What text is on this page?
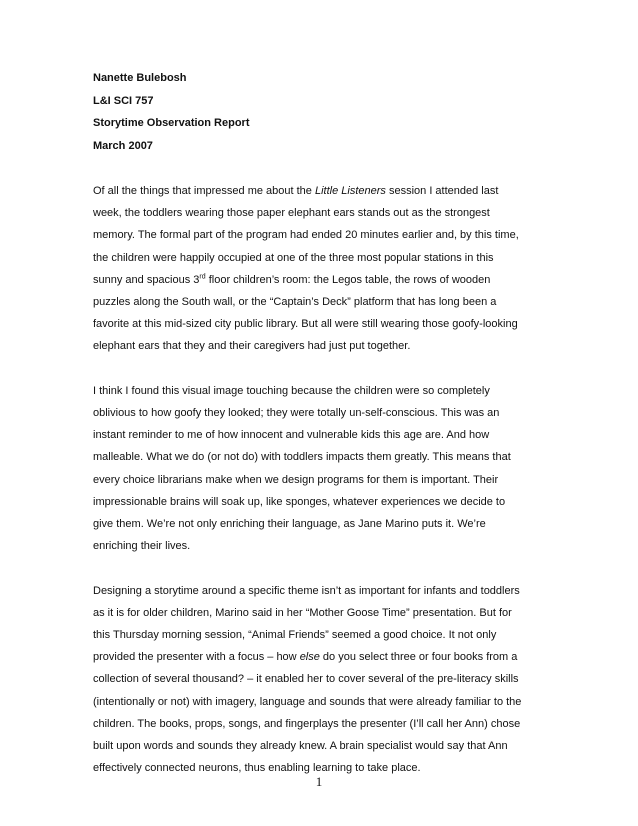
Nanette Bulebosh
L&I SCI 757
Storytime Observation Report
March 2007

Of all the things that impressed me about the Little Listeners session I attended last
week, the toddlers wearing those paper elephant ears stands out as the strongest
memory. The formal part of the program had ended 20 minutes earlier and, by this time,
the children were happily occupied at one of the three most popular stations in this
sunny and spacious 3rd floor children’s room: the Legos table, the rows of wooden
puzzles along the South wall, or the “Captain’s Deck” platform that has long been a
favorite at this mid-sized city public library. But all were still wearing those goofy-looking
elephant ears that they and their caregivers had just put together.

I think I found this visual image touching because the children were so completely
oblivious to how goofy they looked; they were totally un-self-conscious. This was an
instant reminder to me of how innocent and vulnerable kids this age are. And how
malleable. What we do (or not do) with toddlers impacts them greatly. This means that
every choice librarians make when we design programs for them is important. Their
impressionable brains will soak up, like sponges, whatever experiences we decide to
give them. We’re not only enriching their language, as Jane Marino puts it. We’re
enriching their lives.

Designing a storytime around a specific theme isn’t as important for infants and toddlers
as it is for older children, Marino said in her “Mother Goose Time” presentation. But for
this Thursday morning session, “Animal Friends” seemed a good choice. It not only
provided the presenter with a focus – how else do you select three or four books from a
collection of several thousand? – it enabled her to cover several of the pre-literacy skills
(intentionally or not) with imagery, language and sounds that were already familiar to the
children. The books, props, songs, and fingerplays the presenter (I’ll call her Ann) chose
built upon words and sounds they already knew. A brain specialist would say that Ann
effectively connected neurons, thus enabling learning to take place.

1
